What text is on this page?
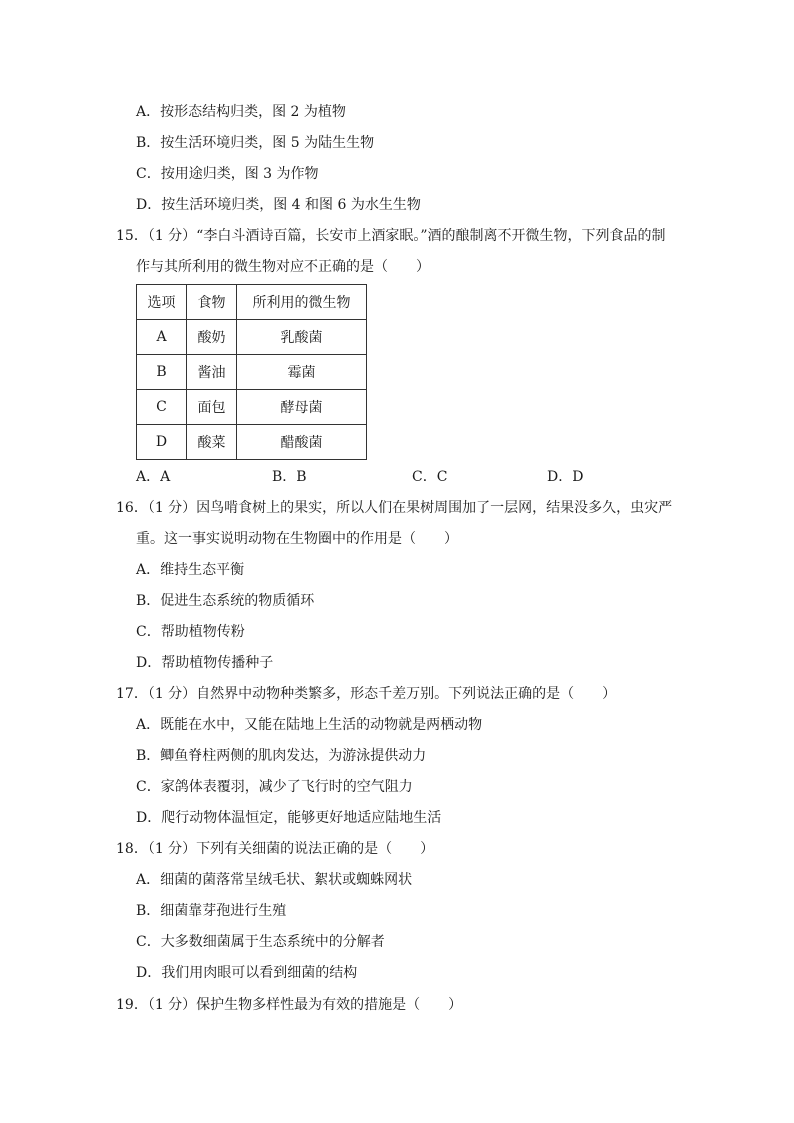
A．按形态结构归类，图 2 为植物
B．按生活环境归类，图 5 为陆生生物
C．按用途归类，图 3 为作物
D．按生活环境归类，图 4 和图 6 为水生生物
15．（1 分）“李白斗酒诗百篇，长安市上酒家眠。”酒的酿制离不开微生物，下列食品的制
作与其所利用的微生物对应不正确的是（　　）
选项	食物	所利用的微生物
A	酸奶	乳酸菌
B	酱油	霉菌
C	面包	酵母菌
D	酸菜	醋酸菌
A．A	B．B	C．C	D．D
16．（1 分）因鸟啃食树上的果实，所以人们在果树周围加了一层网，结果没多久，虫灾严
重。这一事实说明动物在生物圈中的作用是（　　）
A．维持生态平衡
B．促进生态系统的物质循环
C．帮助植物传粉
D．帮助植物传播种子
17．（1 分）自然界中动物种类繁多，形态千差万别。下列说法正确的是（　　）
A．既能在水中，又能在陆地上生活的动物就是两栖动物
B．鲫鱼脊柱两侧的肌肉发达，为游泳提供动力
C．家鸽体表覆羽，减少了飞行时的空气阻力
D．爬行动物体温恒定，能够更好地适应陆地生活
18．（1 分）下列有关细菌的说法正确的是（　　）
A．细菌的菌落常呈绒毛状、絮状或蜘蛛网状
B．细菌靠芽孢进行生殖
C．大多数细菌属于生态系统中的分解者
D．我们用肉眼可以看到细菌的结构
19．（1 分）保护生物多样性最为有效的措施是（　　）
